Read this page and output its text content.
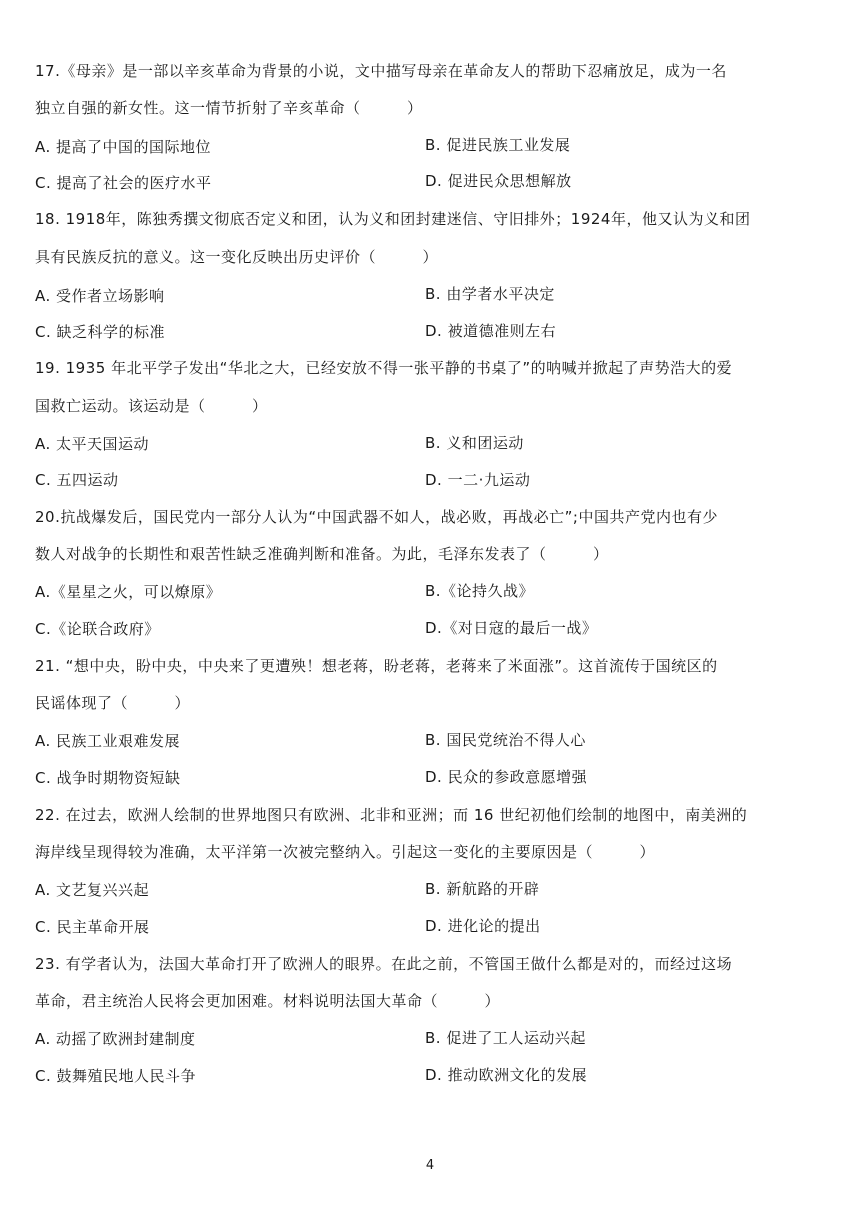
17.《母亲》是一部以辛亥革命为背景的小说，文中描写母亲在革命友人的帮助下忍痛放足，成为一名
独立自强的新女性。这一情节折射了辛亥革命（　　　）
A. 提高了中国的国际地位	B. 促进民族工业发展
C. 提高了社会的医疗水平	D. 促进民众思想解放
18. 1918年，陈独秀撰文彻底否定义和团，认为义和团封建迷信、守旧排外；1924年，他又认为义和团
具有民族反抗的意义。这一变化反映出历史评价（　　　）
A. 受作者立场影响	B. 由学者水平决定
C. 缺乏科学的标准	D. 被道德准则左右
19. 1935 年北平学子发出“华北之大，已经安放不得一张平静的书桌了”的呐喊并掀起了声势浩大的爱
国救亡运动。该运动是（　　　）
A. 太平天国运动	B. 义和团运动
C. 五四运动	D. 一二·九运动
20.抗战爆发后，国民党内一部分人认为“中国武器不如人，战必败，再战必亡”;中国共产党内也有少
数人对战争的长期性和艰苦性缺乏准确判断和准备。为此，毛泽东发表了（　　　）
A.《星星之火，可以燎原》	B.《论持久战》
C.《论联合政府》	D.《对日寇的最后一战》
21. “想中央，盼中央，中央来了更遭殃！想老蒋，盼老蒋，老蒋来了米面涨”。这首流传于国统区的
民谣体现了（　　　）
A. 民族工业艰难发展	B. 国民党统治不得人心
C. 战争时期物资短缺	D. 民众的参政意愿增强
22. 在过去，欧洲人绘制的世界地图只有欧洲、北非和亚洲；而 16 世纪初他们绘制的地图中，南美洲的
海岸线呈现得较为准确，太平洋第一次被完整纳入。引起这一变化的主要原因是（　　　）
A. 文艺复兴兴起	B. 新航路的开辟
C. 民主革命开展	D. 进化论的提出
23. 有学者认为，法国大革命打开了欧洲人的眼界。在此之前，不管国王做什么都是对的，而经过这场
革命，君主统治人民将会更加困难。材料说明法国大革命（　　　）
A. 动摇了欧洲封建制度	B. 促进了工人运动兴起
C. 鼓舞殖民地人民斗争	D. 推动欧洲文化的发展
4
